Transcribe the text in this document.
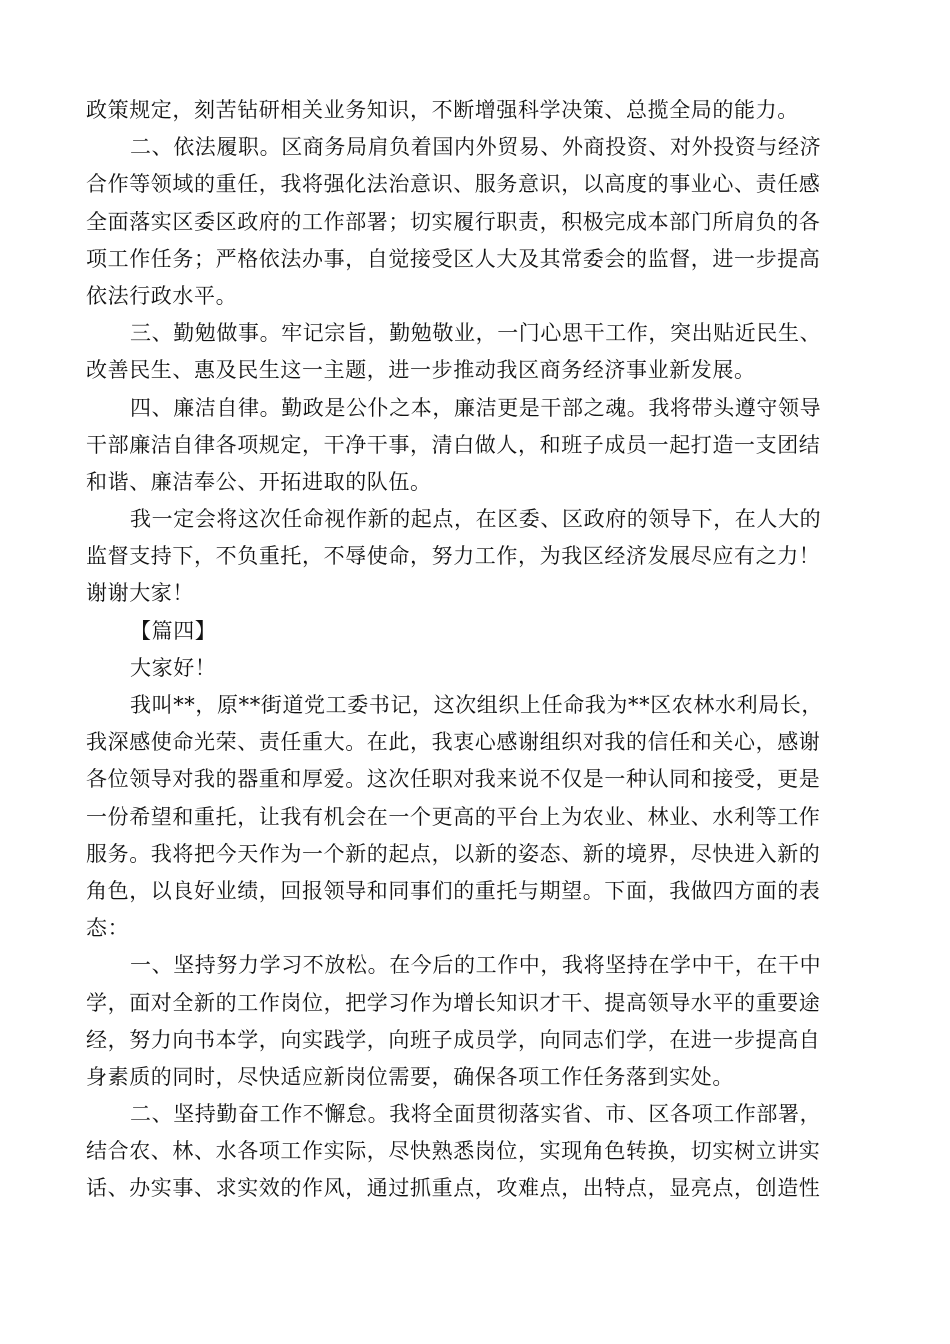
政策规定，刻苦钻研相关业务知识，不断增强科学决策、总揽全局的能力。
二、依法履职。区商务局肩负着国内外贸易、外商投资、对外投资与经济
合作等领域的重任，我将强化法治意识、服务意识，以高度的事业心、责任感
全面落实区委区政府的工作部署；切实履行职责，积极完成本部门所肩负的各
项工作任务；严格依法办事，自觉接受区人大及其常委会的监督，进一步提高
依法行政水平。
三、勤勉做事。牢记宗旨，勤勉敬业，一门心思干工作，突出贴近民生、
改善民生、惠及民生这一主题，进一步推动我区商务经济事业新发展。
四、廉洁自律。勤政是公仆之本，廉洁更是干部之魂。我将带头遵守领导
干部廉洁自律各项规定，干净干事，清白做人，和班子成员一起打造一支团结
和谐、廉洁奉公、开拓进取的队伍。
我一定会将这次任命视作新的起点，在区委、区政府的领导下，在人大的
监督支持下，不负重托，不辱使命，努力工作，为我区经济发展尽应有之力！
谢谢大家！
【篇四】
大家好！
我叫**，原**街道党工委书记，这次组织上任命我为**区农林水利局长，
我深感使命光荣、责任重大。在此，我衷心感谢组织对我的信任和关心，感谢
各位领导对我的器重和厚爱。这次任职对我来说不仅是一种认同和接受，更是
一份希望和重托，让我有机会在一个更高的平台上为农业、林业、水利等工作
服务。我将把今天作为一个新的起点，以新的姿态、新的境界，尽快进入新的
角色，以良好业绩，回报领导和同事们的重托与期望。下面，我做四方面的表
态：
一、坚持努力学习不放松。在今后的工作中，我将坚持在学中干，在干中
学，面对全新的工作岗位，把学习作为增长知识才干、提高领导水平的重要途
经，努力向书本学，向实践学，向班子成员学，向同志们学，在进一步提高自
身素质的同时，尽快适应新岗位需要，确保各项工作任务落到实处。
二、坚持勤奋工作不懈怠。我将全面贯彻落实省、市、区各项工作部署，
结合农、林、水各项工作实际，尽快熟悉岗位，实现角色转换，切实树立讲实
话、办实事、求实效的作风，通过抓重点，攻难点，出特点，显亮点，创造性
